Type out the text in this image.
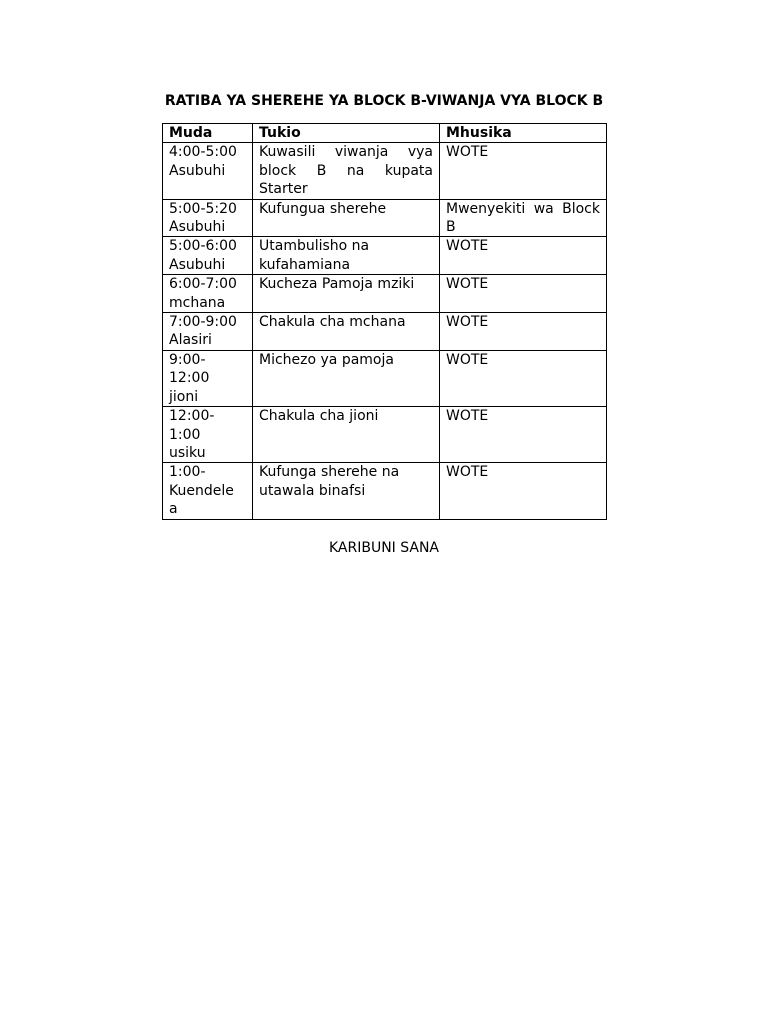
RATIBA YA SHEREHE YA BLOCK B-VIWANJA VYA BLOCK B
Muda	Tukio	Mhusika

4:00-5:00
Asubuhi	Kuwasili viwanja vya block B na kupata Starter	WOTE

5:00-5:20
Asubuhi	Kufungua sherehe	Mwenyekiti wa Block B

5:00-6:00
Asubuhi	Utambulisho na kufahamiana	WOTE

6:00-7:00
mchana	Kucheza Pamoja mziki	WOTE

7:00-9:00
Alasiri	Chakula cha mchana	WOTE

9:00-
12:00
jioni	Michezo ya pamoja	WOTE

12:00-
1:00
usiku	Chakula cha jioni	WOTE

1:00-
Kuendele
a	Kufunga sherehe na utawala binafsi	WOTE
KARIBUNI SANA
